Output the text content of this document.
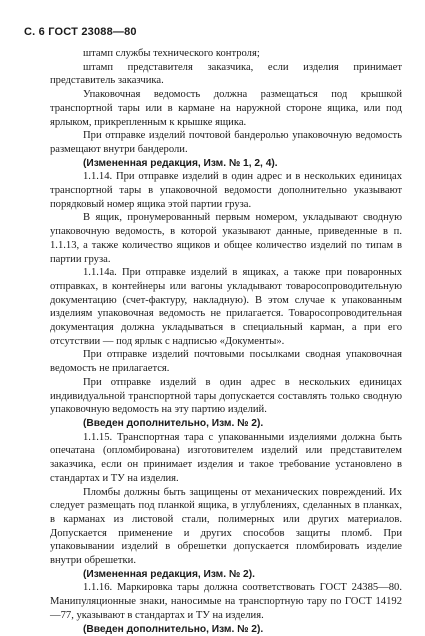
С. 6 ГОСТ 23088—80

штамп службы технического контроля;

штамп представителя заказчика, если изделия принимает представитель заказчика.

Упаковочная ведомость должна размещаться под крышкой транспортной тары или в кармане на наружной стороне ящика, или под ярлыком, прикрепленным к крышке ящика.

При отправке изделий почтовой бандеролью упаковочную ведомость размещают внутри бандероли.

(Измененная редакция, Изм. № 1, 2, 4).

1.1.14. При отправке изделий в один адрес и в нескольких единицах транспортной тары в упаковочной ведомости дополнительно указывают порядковый номер ящика этой партии груза.

В ящик, пронумерованный первым номером, укладывают сводную упаковочную ведомость, в которой указывают данные, приведенные в п. 1.1.13, а также количество ящиков и общее количество изделий по типам в партии груза.

1.1.14а. При отправке изделий в ящиках, а также при поваронных отправках, в контейнеры или вагоны укладывают товаросопроводительную документацию (счет-фактуру, накладную). В этом случае к упакованным изделиям упаковочная ведомость не прилагается. Товаросопроводительная документация должна укладываться в специальный карман, а при его отсутствии — под ярлык с надписью «Документы».

При отправке изделий почтовыми посылками сводная упаковочная ведомость не прилагается.

При отправке изделий в один адрес в нескольких единицах индивидуальной транспортной тары допускается составлять только сводную упаковочную ведомость на эту партию изделий.

(Введен дополнительно, Изм. № 2).

1.1.15. Транспортная тара с упакованными изделиями должна быть опечатана (опломбирована) изготовителем изделий или представителем заказчика, если он принимает изделия и такое требование установлено в стандартах и ТУ на изделия.

Пломбы должны быть защищены от механических повреждений. Их следует размещать под планкой ящика, в углублениях, сделанных в планках, в карманах из листовой стали, полимерных или других материалов. Допускается применение и других способов защиты пломб. При упаковывании изделий в обрешетки допускается пломбировать изделие внутри обрешетки.

(Измененная редакция, Изм. № 2).

1.1.16. Маркировка тары должна соответствовать ГОСТ 24385—80. Манипуляционные знаки, наносимые на транспортную тару по ГОСТ 14192—77, указывают в стандартах и ТУ на изделия.

(Введен дополнительно, Изм. № 2).
